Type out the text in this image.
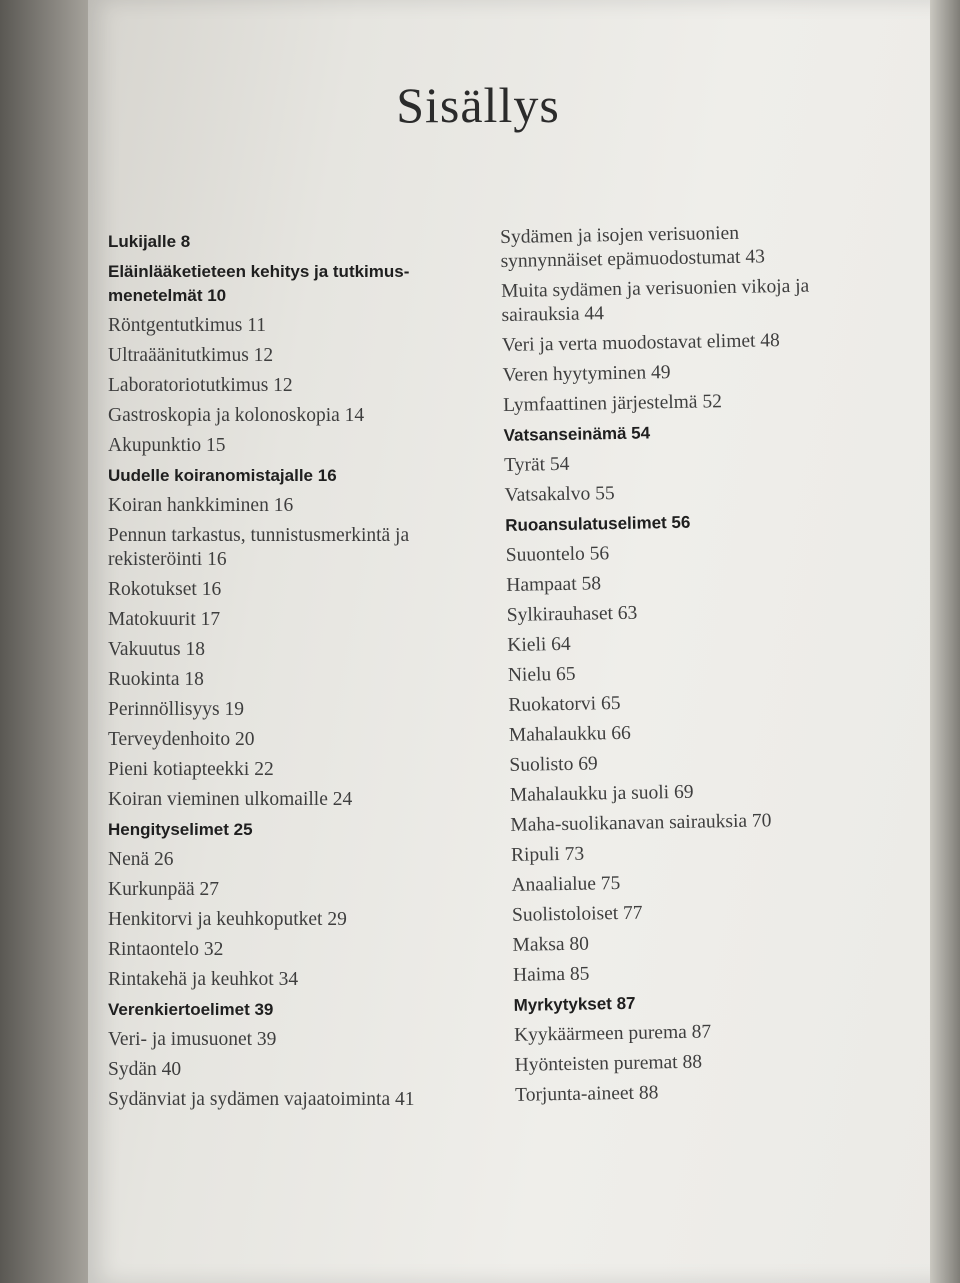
Sisällys
Lukijalle 8
Eläinlääketieteen kehitys ja tutkimus-menetelmät 10
Röntgentutkimus 11
Ultraäänitutkimus 12
Laboratoriotutkimus 12
Gastroskopia ja kolonoskopia 14
Akupunktio 15
Uudelle koiranomistajalle 16
Koiran hankkiminen 16
Pennun tarkastus, tunnistusmerkintä ja rekisteröinti 16
Rokotukset 16
Matokuurit 17
Vakuutus 18
Ruokinta 18
Perinnöllisyys 19
Terveydenhoito 20
Pieni kotiapteekki 22
Koiran vieminen ulkomaille 24
Hengityselimet 25
Nenä 26
Kurkunpää 27
Henkitorvi ja keuhkoputket 29
Rintaontelo 32
Rintakehä ja keuhkot 34
Verenkiertoelimet 39
Veri- ja imusuonet 39
Sydän 40
Sydänviat ja sydämen vajaatoiminta 41
Sydämen ja isojen verisuonien synnynnäiset epämuodostumat 43
Muita sydämen ja verisuonien vikoja ja sairauksia 44
Veri ja verta muodostavat elimet 48
Veren hyytyminen 49
Lymfaattinen järjestelmä 52
Vatsanseinämä 54
Tyrät 54
Vatsakalvo 55
Ruoansulatuselimet 56
Suuontelo 56
Hampaat 58
Sylkirauhaset 63
Kieli 64
Nielu 65
Ruokatorvi 65
Mahalaukku 66
Suolisto 69
Mahalaukku ja suoli 69
Maha-suolikanavan sairauksia 70
Ripuli 73
Anaalialue 75
Suolistoloiset 77
Maksa 80
Haima 85
Myrkytykset 87
Kyykäärmeen purema 87
Hyönteisten puremat 88
Torjunta-aineet 88
